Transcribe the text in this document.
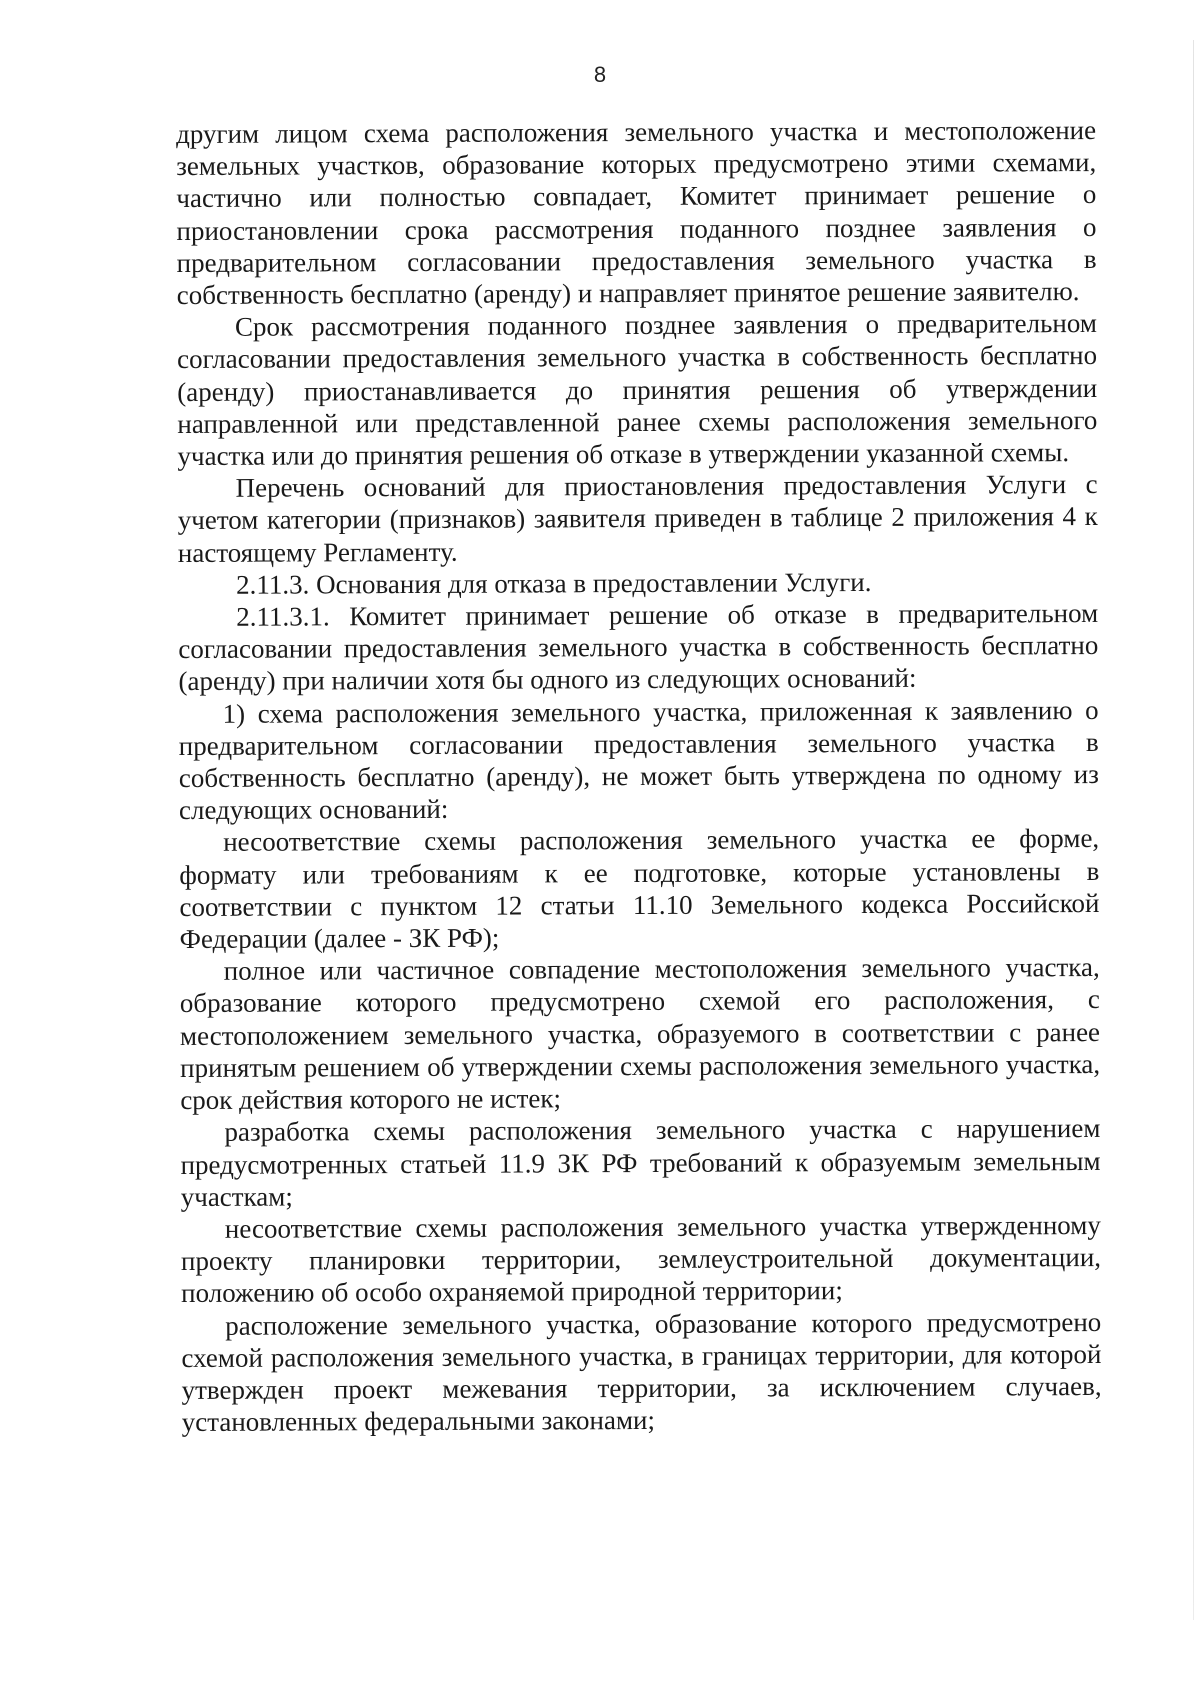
8

другим лицом схема расположения земельного участка и местоположение земельных участков, образование которых предусмотрено этими схемами, частично или полностью совпадает, Комитет принимает решение о приостановлении срока рассмотрения поданного позднее заявления о предварительном согласовании предоставления земельного участка в собственность бесплатно (аренду) и направляет принятое решение заявителю.

Срок рассмотрения поданного позднее заявления о предварительном согласовании предоставления земельного участка в собственность бесплатно (аренду) приостанавливается до принятия решения об утверждении направленной или представленной ранее схемы расположения земельного участка или до принятия решения об отказе в утверждении указанной схемы.

Перечень оснований для приостановления предоставления Услуги с учетом категории (признаков) заявителя приведен в таблице 2 приложения 4 к настоящему Регламенту.

2.11.3. Основания для отказа в предоставлении Услуги.

2.11.3.1. Комитет принимает решение об отказе в предварительном согласовании предоставления земельного участка в собственность бесплатно (аренду) при наличии хотя бы одного из следующих оснований:

1) схема расположения земельного участка, приложенная к заявлению о предварительном согласовании предоставления земельного участка в собственность бесплатно (аренду), не может быть утверждена по одному из следующих оснований:

несоответствие схемы расположения земельного участка ее форме, формату или требованиям к ее подготовке, которые установлены в соответствии с пунктом 12 статьи 11.10 Земельного кодекса Российской Федерации (далее - ЗК РФ);

полное или частичное совпадение местоположения земельного участка, образование которого предусмотрено схемой его расположения, с местоположением земельного участка, образуемого в соответствии с ранее принятым решением об утверждении схемы расположения земельного участка, срок действия которого не истек;

разработка схемы расположения земельного участка с нарушением предусмотренных статьей 11.9 ЗК РФ требований к образуемым земельным участкам;

несоответствие схемы расположения земельного участка утвержденному проекту планировки территории, землеустроительной документации, положению об особо охраняемой природной территории;

расположение земельного участка, образование которого предусмотрено схемой расположения земельного участка, в границах территории, для которой утвержден проект межевания территории, за исключением случаев, установленных федеральными законами;
